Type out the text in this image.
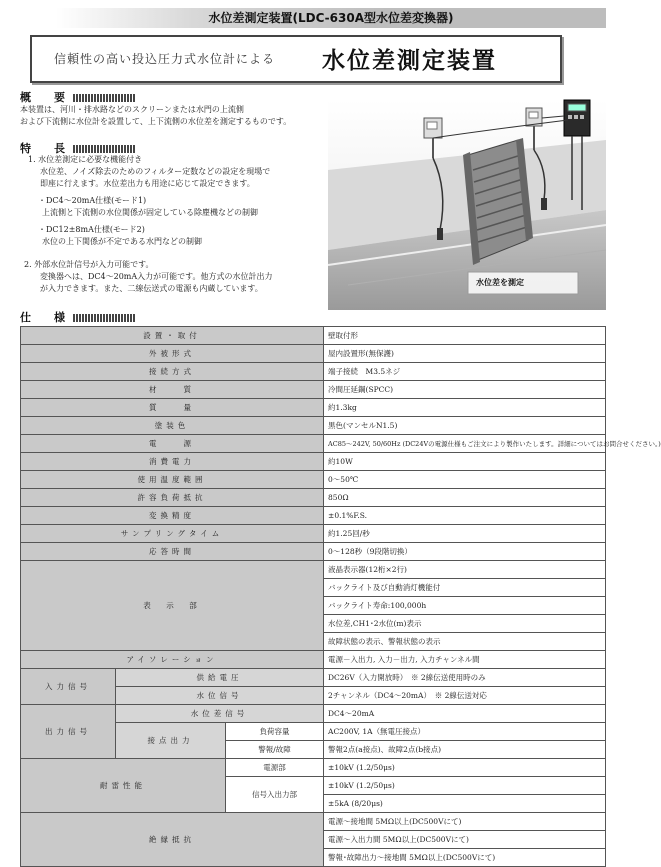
水位差測定装置(LDC-630A型水位差変換器)
信頼性の高い投込圧力式水位計による 水位差測定装置
概　要
本装置は、河川・排水路などのスクリーンまたは水門の上流側
および下流側に水位計を設置して、上下流側の水位差を測定するものです。
特　長
1. 水位差測定に必要な機能付き
水位差、ノイズ除去のためのフィルター定数などの設定を現場で
即座に行えます。水位差出力も用途に応じて設定できます。
・DC4～20mA仕様(モード1)
上流側と下流側の水位関係が固定している除塵機などの制御
・DC12±8mA仕様(モード2)
水位の上下関係が不定である水門などの制御
2. 外部水位計信号が入力可能です。
変換器へは、DC4～20mA入力が可能です。他方式の水位計出力
が入力できます。また、二線伝送式の電源も内蔵しています。
水位差を測定
仕　様
設置・取付			壁取付形
外被形式			屋内設置形(無保護)
接続方式			端子接続　M3.5ネジ
材　　質			冷間圧延鋼(SPCC)
質　　量			約1.3kg
塗装色			黒色(マンセルN1.5)
電　　源			AC85～242V, 50/60Hz (DC24Vの電源仕様もご注文により製作いたします。詳細についてはお問合せください。)
消費電力			約10W
使用温度範囲			0～50℃
許容負荷抵抗			850Ω
変換精度			±0.1%F.S.
サンプリングタイム			約1.25回/秒
応答時間			0～128秒（9段階切換）
表　示　部			液晶表示器(12桁×2行)
			バックライト及び自動消灯機能付
			バックライト寿命:100,000h
			水位差,CH1･2水位(m)表示
			故障状態の表示、警報状態の表示
アイソレーション			電源－入出力, 入力－出力, 入力チャンネル間
入力信号	供給電圧		DC26V（入力開放時）　※ 2線伝送使用時のみ
	水位信号		2チャンネル（DC4～20mA）　※ 2線伝送対応
出力信号	水位差信号		DC4～20mA
	接点出力	負荷容量	AC200V, 1A（無電圧接点）
		警報/故障	警報2点(a接点)、故障2点(b接点)
耐雷性能		電源部	±10kV (1.2/50μs)
		信号入出力部	±10kV (1.2/50μs)
			±5kA (8/20μs)
絶縁抵抗			電源～接地間 5MΩ以上(DC500Vにて)
			電源～入出力間 5MΩ以上(DC500Vにて)
			警報･故障出力～接地間 5MΩ以上(DC500Vにて)
